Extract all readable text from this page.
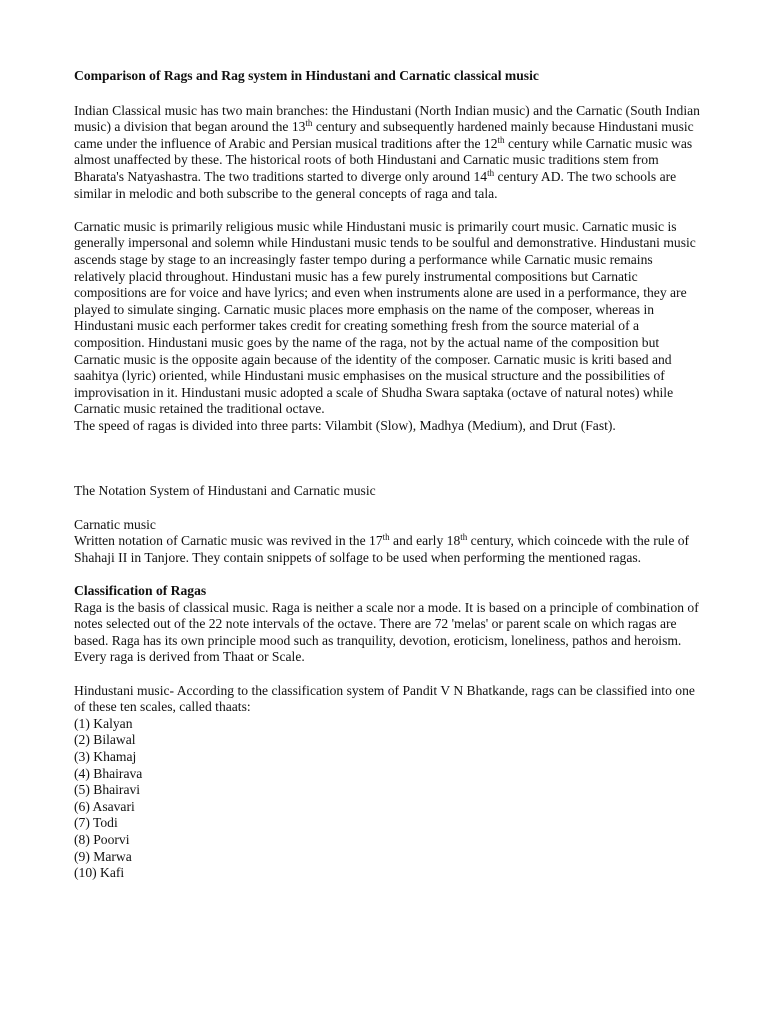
Comparison of Rags and Rag system in Hindustani and Carnatic classical music

Indian Classical music has two main branches: the Hindustani (North Indian music) and the Carnatic (South Indian music) a division that began around the 13th century and subsequently hardened mainly because Hindustani music came under the influence of Arabic and Persian musical traditions after the 12th century while Carnatic music was almost unaffected by these. The historical roots of both Hindustani and Carnatic music traditions stem from Bharata's Natyashastra. The two traditions started to diverge only around 14th century AD. The two schools are similar in melodic and both subscribe to the general concepts of raga and tala.

Carnatic music is primarily religious music while Hindustani music is primarily court music. Carnatic music is generally impersonal and solemn while Hindustani music tends to be soulful and demonstrative. Hindustani music ascends stage by stage to an increasingly faster tempo during a performance while Carnatic music remains relatively placid throughout. Hindustani music has a few purely instrumental compositions but Carnatic compositions are for voice and have lyrics; and even when instruments alone are used in a performance, they are played to simulate singing. Carnatic music places more emphasis on the name of the composer, whereas in Hindustani music each performer takes credit for creating something fresh from the source material of a composition. Hindustani music goes by the name of the raga, not by the actual name of the composition but Carnatic music is the opposite again because of the identity of the composer. Carnatic music is kriti based and saahitya (lyric) oriented, while Hindustani music emphasises on the musical structure and the possibilities of improvisation in it. Hindustani music adopted a scale of Shudha Swara saptaka (octave of natural notes) while Carnatic music retained the traditional octave.

The speed of ragas is divided into three parts: Vilambit (Slow), Madhya (Medium), and Drut (Fast).

The Notation System of Hindustani and Carnatic music

Carnatic music

Written notation of Carnatic music was revived in the 17th and early 18th century, which coincede with the rule of Shahaji II in Tanjore. They contain snippets of solfage to be used when performing the mentioned ragas.

Classification of Ragas

Raga is the basis of classical music. Raga is neither a scale nor a mode. It is based on a principle of combination of notes selected out of the 22 note intervals of the octave. There are 72 'melas' or parent scale on which ragas are based. Raga has its own principle mood such as tranquility, devotion, eroticism, loneliness, pathos and heroism. Every raga is derived from Thaat or Scale.

Hindustani music- According to the classification system of Pandit V N Bhatkande, rags can be classified into one of these ten scales, called thaats:

(1) Kalyan
(2) Bilawal
(3) Khamaj
(4) Bhairava
(5) Bhairavi
(6) Asavari
(7) Todi
(8) Poorvi
(9) Marwa
(10) Kafi
